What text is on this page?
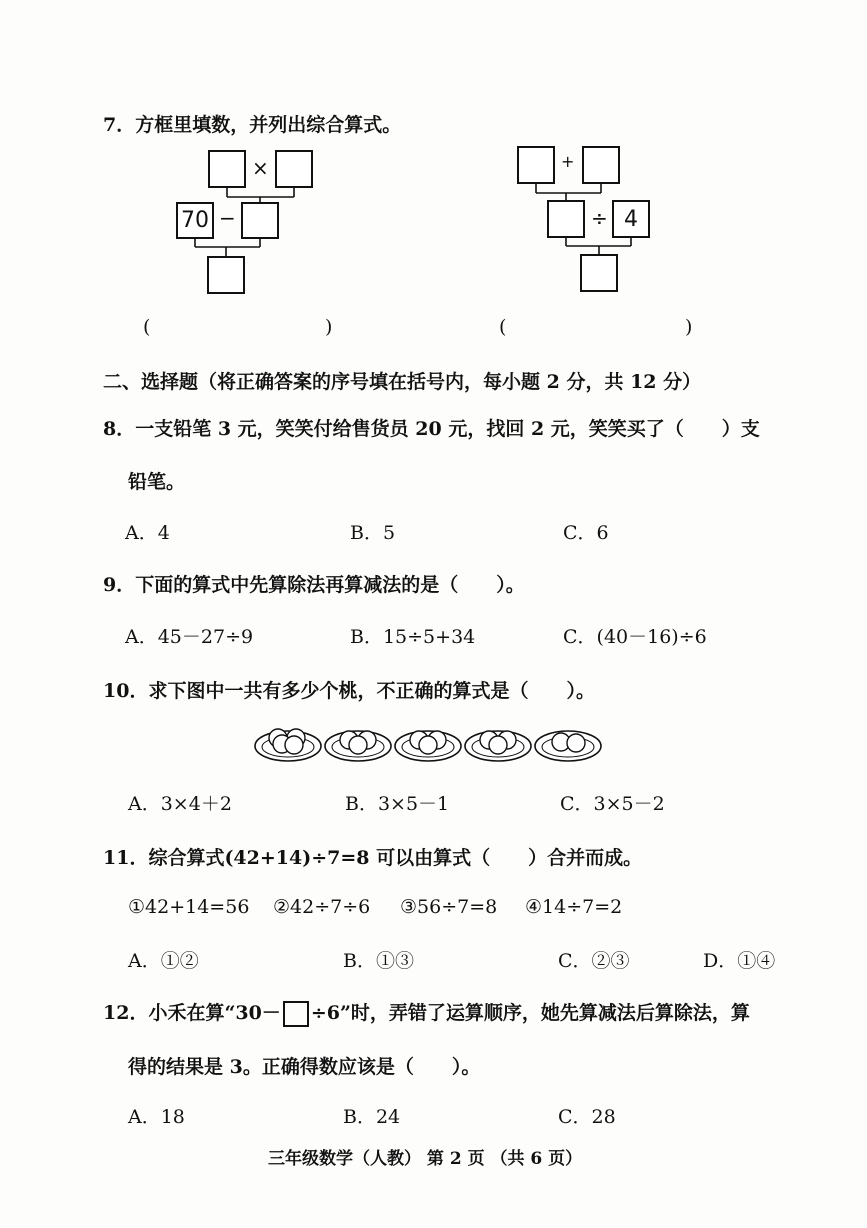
7．方框里填数，并列出综合算式。
×
70 −
+
÷ 4
(	)	(	)
二、选择题（将正确答案的序号填在括号内，每小题 2 分，共 12 分）
8．一支铅笔 3 元，笑笑付给售货员 20 元，找回 2 元，笑笑买了（　　）支
铅笔。
A．4	B．5	C．6
9．下面的算式中先算除法再算减法的是（　　）。
A．45－27÷9	B．15÷5+34	C．(40－16)÷6
10．求下图中一共有多少个桃，不正确的算式是（　　）。
A．3×4＋2	B．3×5－1	C．3×5－2
11．综合算式(42+14)÷7=8 可以由算式（　　）合并而成。
①42+14=56 ②42÷7÷6 ③56÷7=8 ④14÷7=2
A．①②	B．①③	C．②③	D．①④
12．小禾在算“30－ ÷6”时，弄错了运算顺序，她先算减法后算除法，算
得的结果是 3。正确得数应该是（　　）。
A．18	B．24	C．28
三年级数学（人教） 第 2 页 （共 6 页）
